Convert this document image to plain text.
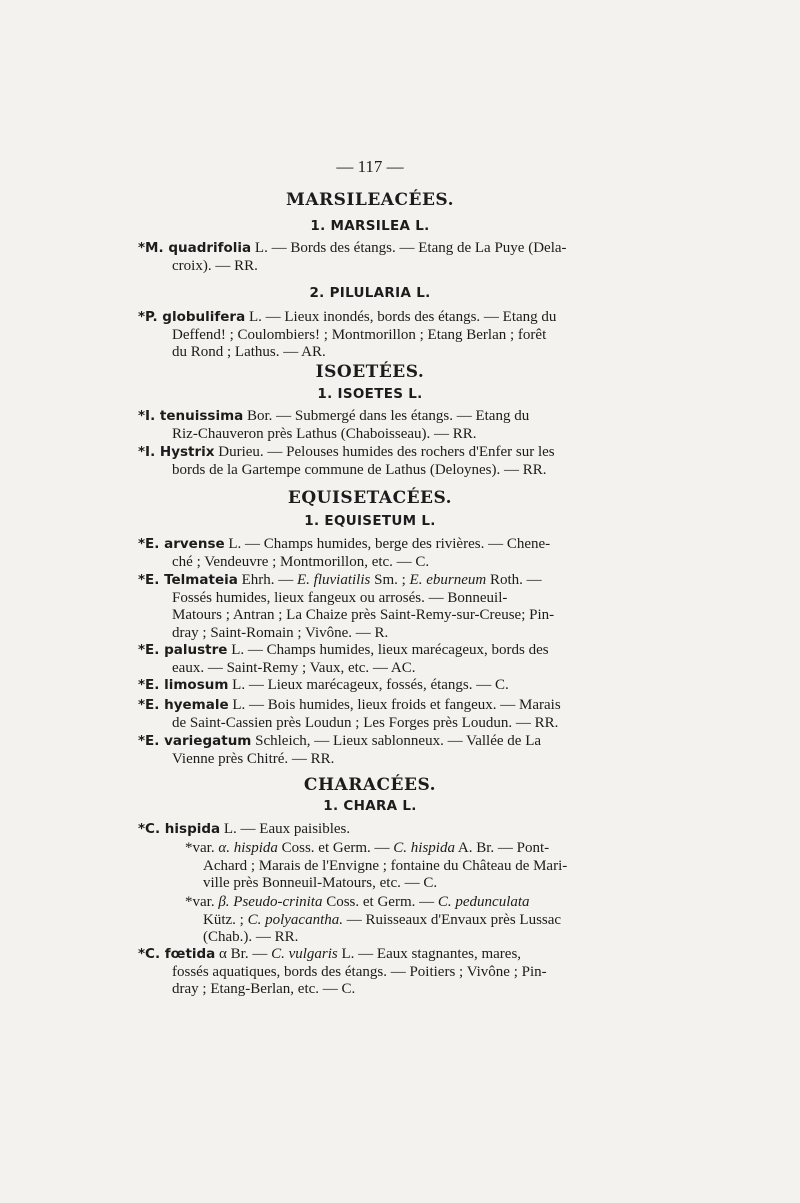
— 117 —
MARSILEACÉES.
1. MARSILEA L.
*M. quadrifolia L. — Bords des étangs. — Etang de La Puye (Dela-
croix). — RR.
2. PILULARIA L.
*P. globulifera L. — Lieux inondés, bords des étangs. — Etang du
Deffend! ; Coulombiers! ; Montmorillon ; Etang Berlan ; forêt
du Rond ; Lathus. — AR.
ISOETÉES.
1. ISOETES L.
*I. tenuissima Bor. — Submergé dans les étangs. — Etang du
Riz-Chauveron près Lathus (Chaboisseau). — RR.
*I. Hystrix Durieu. — Pelouses humides des rochers d'Enfer sur les
bords de la Gartempe commune de Lathus (Deloynes). — RR.
EQUISETACÉES.
1. EQUISETUM L.
*E. arvense L. — Champs humides, berge des rivières. — Chene-
ché ; Vendeuvre ; Montmorillon, etc. — C.
*E. Telmateia Ehrh. — E. fluviatilis Sm. ; E. eburneum Roth. —
Fossés humides, lieux fangeux ou arrosés. — Bonneuil-
Matours ; Antran ; La Chaize près Saint-Remy-sur-Creuse; Pin-
dray ; Saint-Romain ; Vivône. — R.
*E. palustre L. — Champs humides, lieux marécageux, bords des
eaux. — Saint-Remy ; Vaux, etc. — AC.
*E. limosum L. — Lieux marécageux, fossés, étangs. — C.
*E. hyemale L. — Bois humides, lieux froids et fangeux. — Marais
de Saint-Cassien près Loudun ; Les Forges près Loudun. — RR.
*E. variegatum Schleich, — Lieux sablonneux. — Vallée de La
Vienne près Chitré. — RR.
CHARACÉES.
1. CHARA L.
*C. hispida L. — Eaux paisibles.
*var. α. hispida Coss. et Germ. — C. hispida A. Br. — Pont-
Achard ; Marais de l'Envigne ; fontaine du Château de Mari-
ville près Bonneuil-Matours, etc. — C.
*var. β. Pseudo-crinita Coss. et Germ. — C. pedunculata
Kütz. ; C. polyacantha. — Ruisseaux d'Envaux près Lussac
(Chab.). — RR.
*C. fœtida α Br. — C. vulgaris L. — Eaux stagnantes, mares,
fossés aquatiques, bords des étangs. — Poitiers ; Vivône ; Pin-
dray ; Etang-Berlan, etc. — C.
